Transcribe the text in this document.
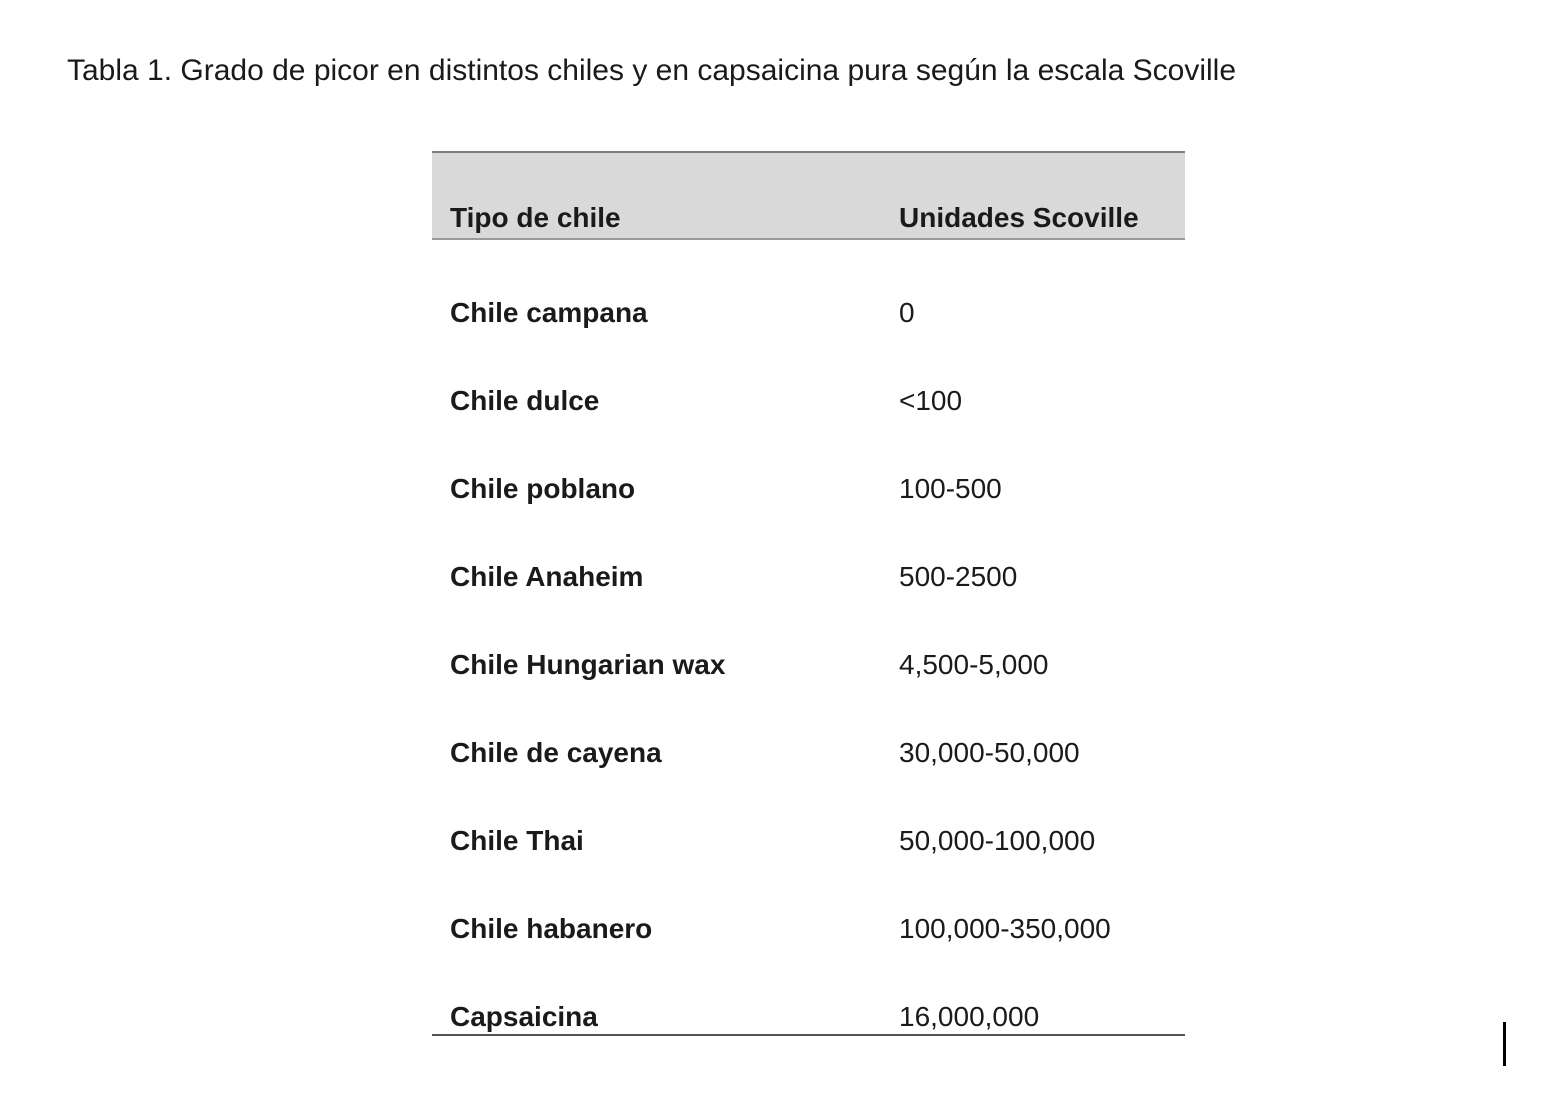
Tabla 1. Grado de picor en distintos chiles y en capsaicina pura según la escala Scoville
Tipo de chile	Unidades Scoville
Chile campana	0
Chile dulce	<100
Chile poblano	100-500
Chile Anaheim	500-2500
Chile Hungarian wax	4,500-5,000
Chile de cayena	30,000-50,000
Chile Thai	50,000-100,000
Chile habanero	100,000-350,000
Capsaicina	16,000,000
